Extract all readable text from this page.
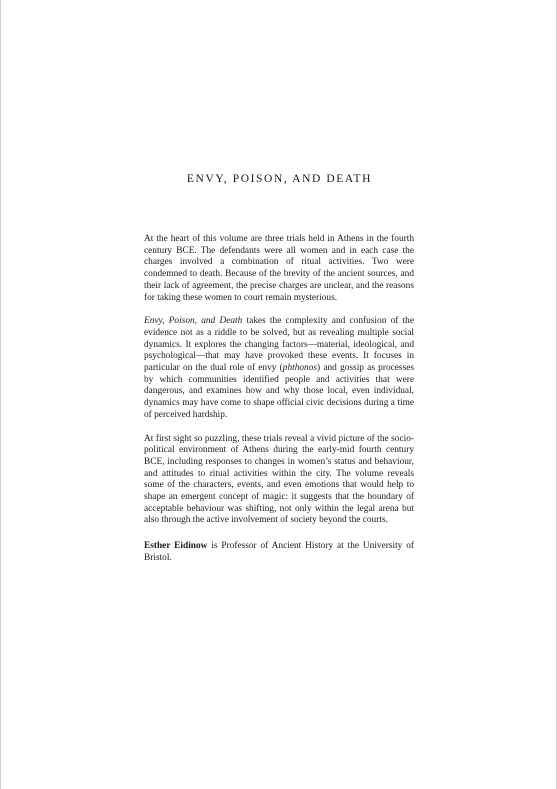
ENVY, POISON, AND DEATH

At the heart of this volume are three trials held in Athens in the fourth century BCE. The defendants were all women and in each case the charges involved a combination of ritual activities. Two were condemned to death. Because of the brevity of the ancient sources, and their lack of agreement, the precise charges are unclear, and the reasons for taking these women to court remain mysterious.

Envy, Poison, and Death takes the complexity and confusion of the evidence not as a riddle to be solved, but as revealing multiple social dynamics. It explores the changing factors—material, ideological, and psychological—that may have provoked these events. It focuses in particular on the dual role of envy (phthonos) and gossip as processes by which communities identified people and activities that were dangerous, and examines how and why those local, even individual, dynamics may have come to shape official civic decisions during a time of perceived hardship.

At first sight so puzzling, these trials reveal a vivid picture of the socio-political environment of Athens during the early-mid fourth century BCE, including responses to changes in women’s status and behaviour, and attitudes to ritual activities within the city. The volume reveals some of the characters, events, and even emotions that would help to shape an emergent concept of magic: it suggests that the boundary of acceptable behaviour was shifting, not only within the legal arena but also through the active involvement of society beyond the courts.

Esther Eidinow is Professor of Ancient History at the University of Bristol.
